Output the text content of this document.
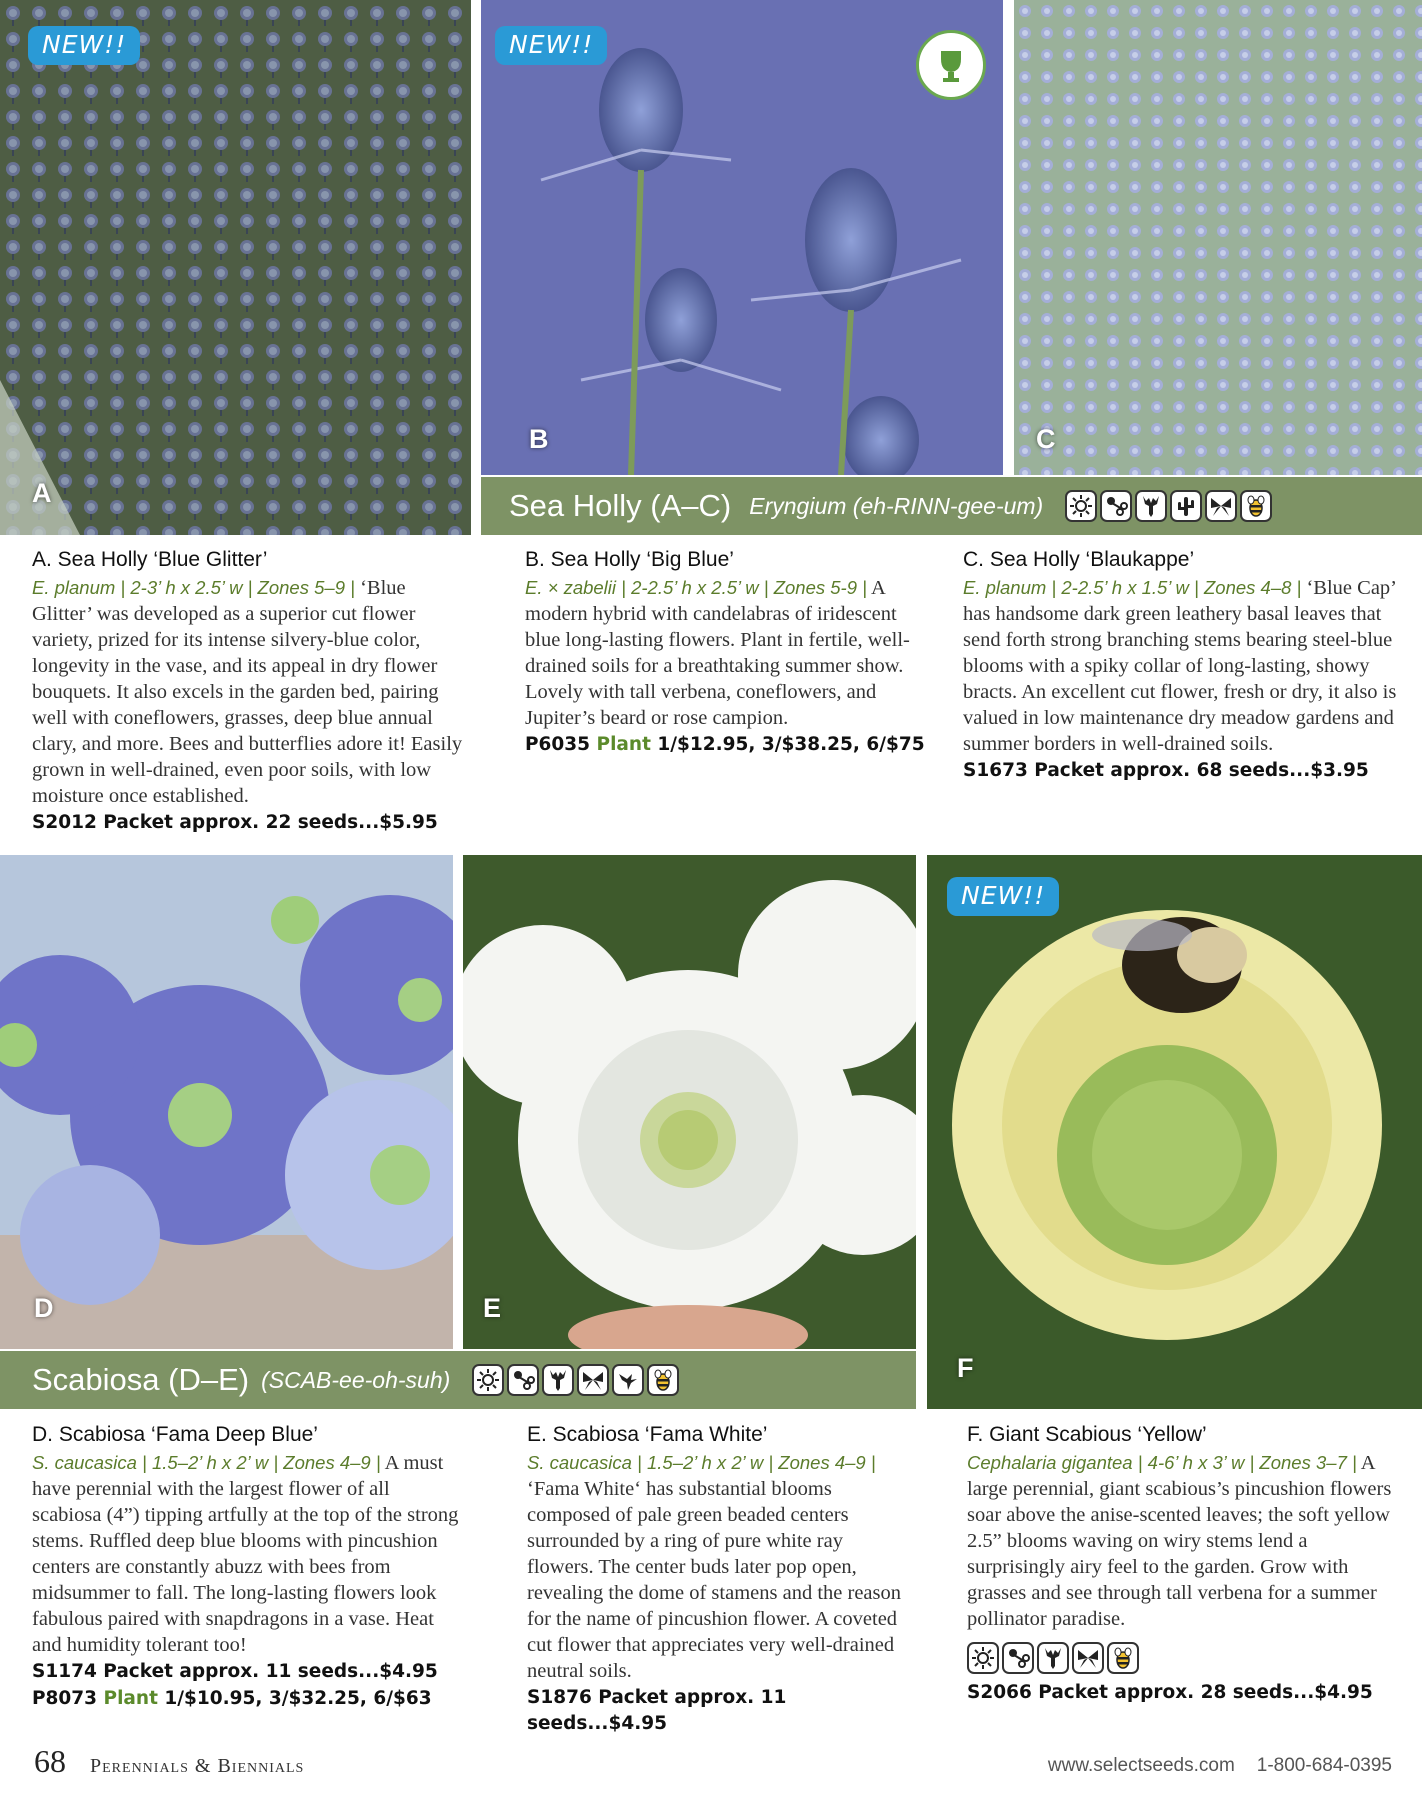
NEW!!
A
NEW!!
B	C
Sea Holly (A–C) Eryngium (eh-RINN-gee-um)
A. Sea Holly ‘Blue Glitter’
E. planum | 2-3’ h x 2.5’ w | Zones 5–9 | ‘Blue Glitter’ was developed as a superior cut flower variety, prized for its intense silvery-blue color, longevity in the vase, and its appeal in dry flower bouquets. It also excels in the garden bed, pairing well with coneflowers, grasses, deep blue annual clary, and more. Bees and butterflies adore it! Easily grown in well-drained, even poor soils, with low moisture once established.
S2012 Packet approx. 22 seeds...$5.95
B. Sea Holly ‘Big Blue’
E. × zabelii | 2-2.5’ h x 2.5’ w | Zones 5-9 | A modern hybrid with candelabras of iridescent blue long-lasting flowers. Plant in fertile, well-drained soils for a breathtaking summer show. Lovely with tall verbena, coneflowers, and Jupiter’s beard or rose campion.
P6035 Plant 1/$12.95, 3/$38.25, 6/$75
C. Sea Holly ‘Blaukappe’
E. planum | 2-2.5’ h x 1.5’ w | Zones 4–8 | ‘Blue Cap’ has handsome dark green leathery basal leaves that send forth strong branching stems bearing steel-blue blooms with a spiky collar of long-lasting, showy bracts. An excellent cut flower, fresh or dry, it also is valued in low maintenance dry meadow gardens and summer borders in well-drained soils.
S1673 Packet approx. 68 seeds...$3.95
D	E
NEW!!
F
Scabiosa (D–E) (SCAB-ee-oh-suh)
D. Scabiosa ‘Fama Deep Blue’
S. caucasica | 1.5–2’ h x 2’ w | Zones 4–9 | A must have perennial with the largest flower of all scabiosa (4”) tipping artfully at the top of the strong stems. Ruffled deep blue blooms with pincushion centers are constantly abuzz with bees from midsummer to fall. The long-lasting flowers look fabulous paired with snapdragons in a vase. Heat and humidity tolerant too!
S1174 Packet approx. 11 seeds...$4.95
P8073 Plant 1/$10.95, 3/$32.25, 6/$63
E. Scabiosa ‘Fama White’
S. caucasica | 1.5–2’ h x 2’ w | Zones 4–9 | ‘Fama White‘ has substantial blooms composed of pale green beaded centers surrounded by a ring of pure white ray flowers. The center buds later pop open, revealing the dome of stamens and the reason for the name of pincushion flower. A coveted cut flower that appreciates very well-drained neutral soils.
S1876 Packet approx. 11 seeds...$4.95
F. Giant Scabious ‘Yellow’
Cephalaria gigantea | 4-6’ h x 3’ w | Zones 3–7 | A large perennial, giant scabious’s pincushion flowers soar above the anise-scented leaves; the soft yellow 2.5” blooms waving on wiry stems lend a surprisingly airy feel to the garden. Grow with grasses and see through tall verbena for a summer pollinator paradise.
S2066 Packet approx. 28 seeds...$4.95
68 Perennials & Biennials	www.selectseeds.com 1-800-684-0395
